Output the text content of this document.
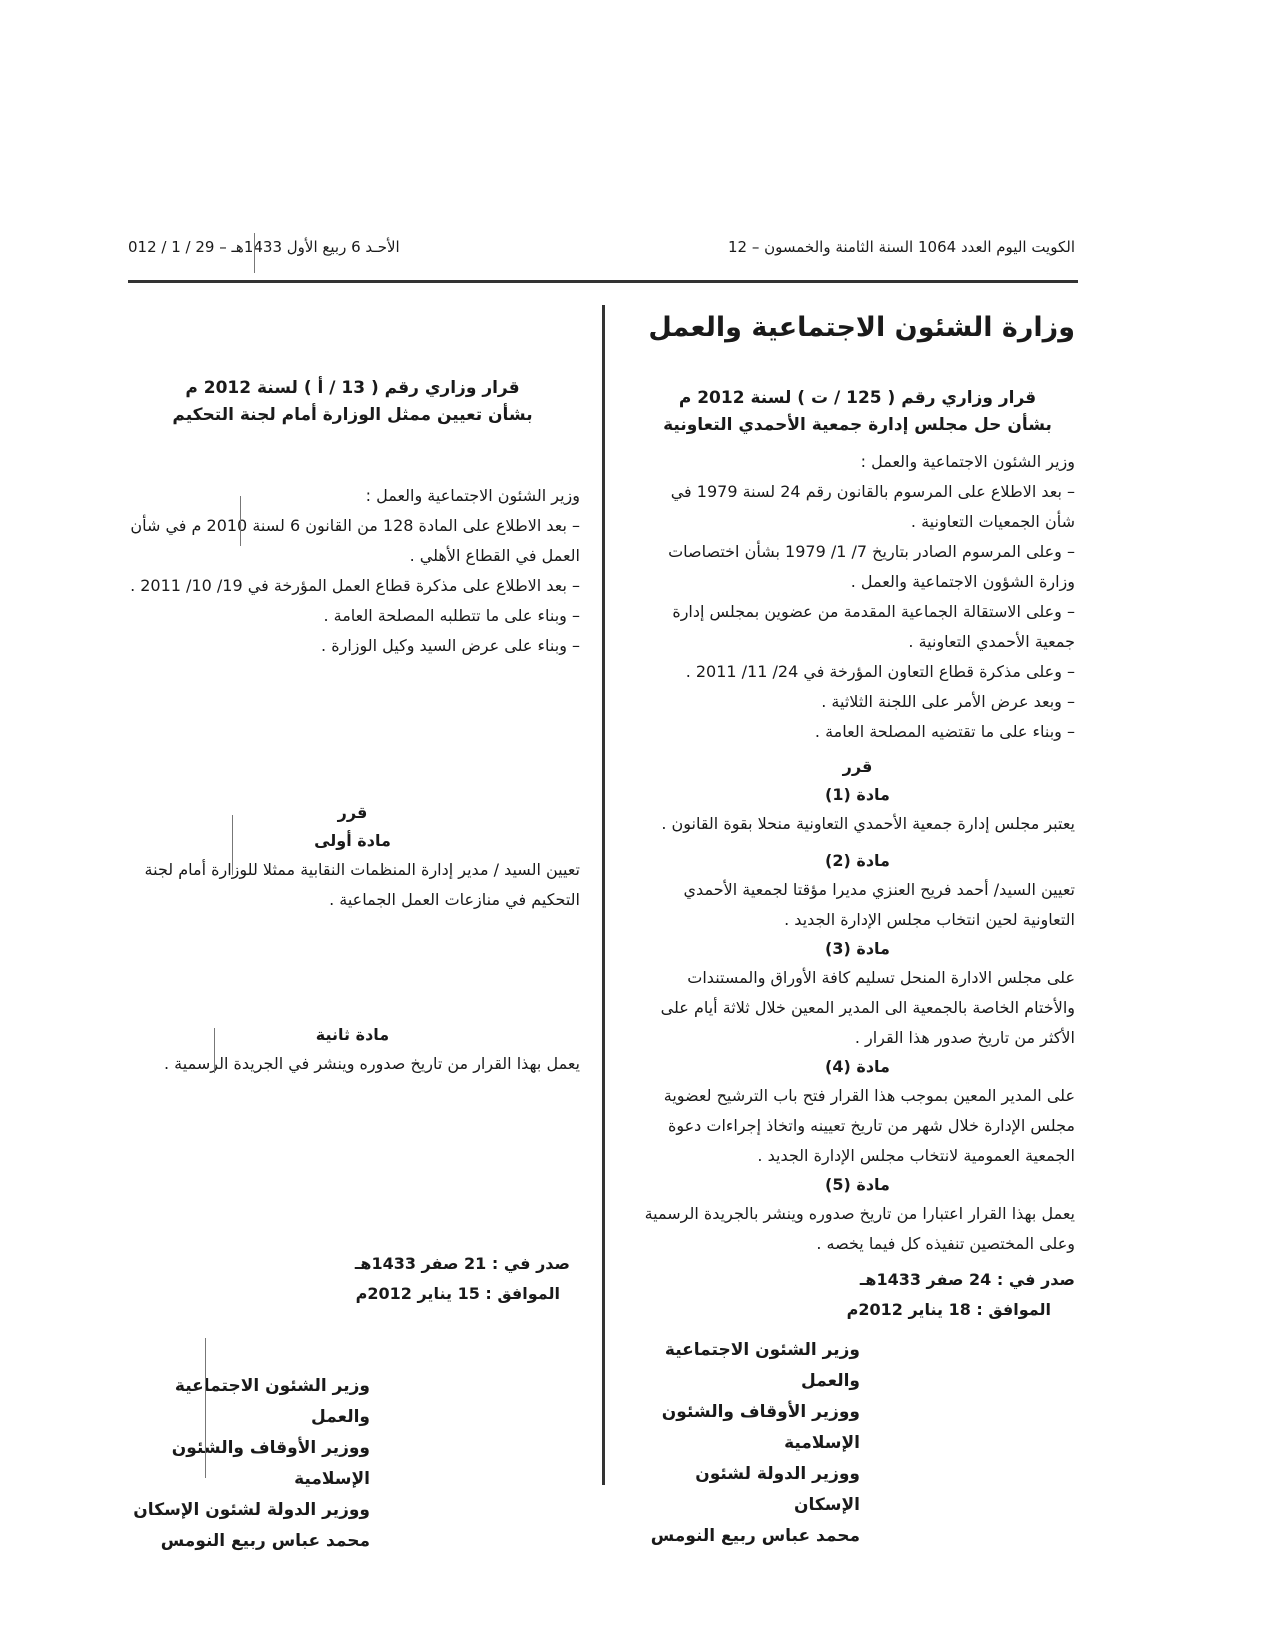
الكويت اليوم العدد 1064 السنة الثامنة والخمسون – 12
الأحـد 6 ربيع الأول 1433هـ – 29 / 1 / 012

وزارة الشئون الاجتماعية والعمل

قرار وزاري رقم ( 125 / ت ) لسنة 2012 م

بشأن حل مجلس إدارة جمعية الأحمدي التعاونية

وزير الشئون الاجتماعية والعمل :

– بعد الاطلاع على المرسوم بالقانون رقم 24 لسنة 1979 في شأن الجمعيات التعاونية .

– وعلى المرسوم الصادر بتاريخ 7/ 1/ 1979 بشأن اختصاصات وزارة الشؤون الاجتماعية والعمل .

– وعلى الاستقالة الجماعية المقدمة من عضوين بمجلس إدارة جمعية الأحمدي التعاونية .

– وعلى مذكرة قطاع التعاون المؤرخة في 24/ 11/ 2011 .

– وبعد عرض الأمر على اللجنة الثلاثية .

– وبناء على ما تقتضيه المصلحة العامة .

قرر

مادة (1)

يعتبر مجلس إدارة جمعية الأحمدي التعاونية منحلا بقوة القانون .

مادة (2)

تعيين السيد/ أحمد فريح العنزي مديرا مؤقتا لجمعية الأحمدي التعاونية لحين انتخاب مجلس الإدارة الجديد .

مادة (3)

على مجلس الادارة المنحل تسليم كافة الأوراق والمستندات والأختام الخاصة بالجمعية الى المدير المعين خلال ثلاثة أيام على الأكثر من تاريخ صدور هذا القرار .

مادة (4)

على المدير المعين بموجب هذا القرار فتح باب الترشيح لعضوية مجلس الإدارة خلال شهر من تاريخ تعيينه واتخاذ إجراءات دعوة الجمعية العمومية لانتخاب مجلس الإدارة الجديد .

مادة (5)

يعمل بهذا القرار اعتبارا من تاريخ صدوره وينشر بالجريدة الرسمية وعلى المختصين تنفيذه كل فيما يخصه .

صدر في : 24 صفر 1433هـ

الموافق : 18 يناير 2012م

وزير الشئون الاجتماعية والعمل

ووزير الأوقاف والشئون الإسلامية

ووزير الدولة لشئون الإسكان

محمد عباس ربيع النومس

قرار وزاري رقم ( 13 / أ ) لسنة 2012 م

بشأن تعيين ممثل الوزارة أمام لجنة التحكيم

وزير الشئون الاجتماعية والعمل :

– بعد الاطلاع على المادة 128 من القانون 6 لسنة 2010 م في شأن العمل في القطاع الأهلي .

– بعد الاطلاع على مذكرة قطاع العمل المؤرخة في 19/ 10/ 2011 .

– وبناء على ما تتطلبه المصلحة العامة .

– وبناء على عرض السيد وكيل الوزارة .

قرر

مادة أولى

تعيين السيد / مدير إدارة المنظمات النقابية ممثلا للوزارة أمام لجنة التحكيم في منازعات العمل الجماعية .

مادة ثانية

يعمل بهذا القرار من تاريخ صدوره وينشر في الجريدة الرسمية .

صدر في : 21 صفر 1433هـ

الموافق : 15 يناير 2012م

وزير الشئون الاجتماعية والعمل

ووزير الأوقاف والشئون الإسلامية

ووزير الدولة لشئون الإسكان

محمد عباس ربيع النومس
